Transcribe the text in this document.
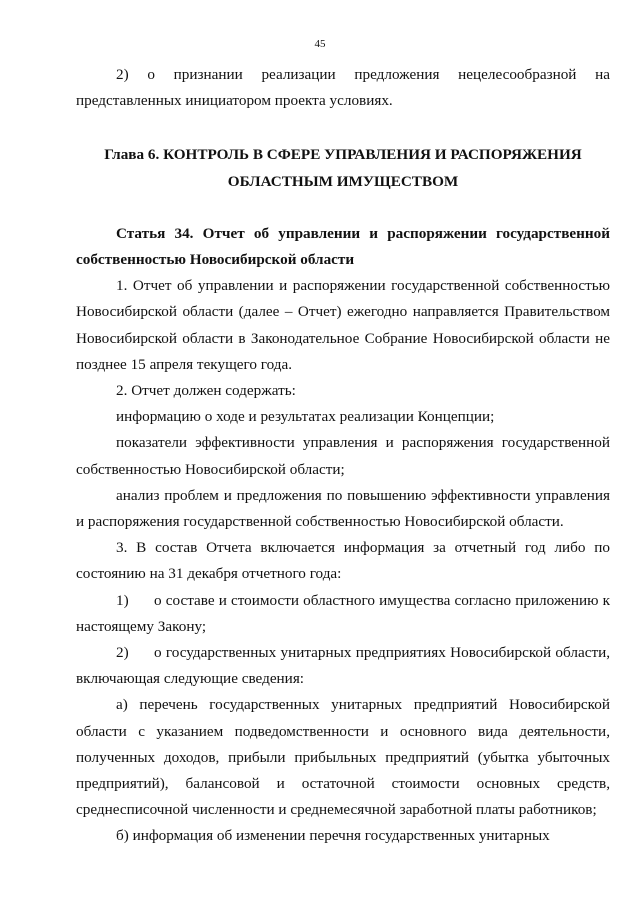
45

2) о признании реализации предложения нецелесообразной на представленных инициатором проекта условиях.

Глава 6. КОНТРОЛЬ В СФЕРЕ УПРАВЛЕНИЯ И РАСПОРЯЖЕНИЯ
ОБЛАСТНЫМ ИМУЩЕСТВОМ

Статья 34. Отчет об управлении и распоряжении государственной собственностью Новосибирской области

1. Отчет об управлении и распоряжении государственной собственностью Новосибирской области (далее – Отчет) ежегодно направляется Правительством Новосибирской области в Законодательное Собрание Новосибирской области не позднее 15 апреля текущего года.

2. Отчет должен содержать:

информацию о ходе и результатах реализации Концепции;

показатели эффективности управления и распоряжения государственной собственностью Новосибирской области;

анализ проблем и предложения по повышению эффективности управления и распоряжения государственной собственностью Новосибирской области.

3. В состав Отчета включается информация за отчетный год либо по состоянию на 31 декабря отчетного года:

1) о составе и стоимости областного имущества согласно приложению к настоящему Закону;

2) о государственных унитарных предприятиях Новосибирской области, включающая следующие сведения:

а) перечень государственных унитарных предприятий Новосибирской области с указанием подведомственности и основного вида деятельности, полученных доходов, прибыли прибыльных предприятий (убытка убыточных предприятий), балансовой и остаточной стоимости основных средств, среднесписочной численности и среднемесячной заработной платы работников;

б) информация об изменении перечня государственных унитарных
